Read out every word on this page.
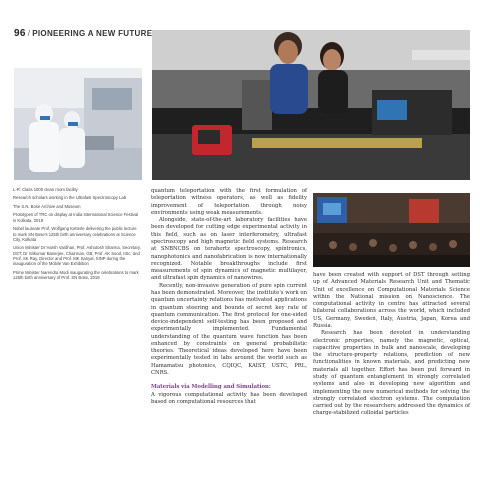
96 / PIONEERING A NEW FUTURE

L-R: Class 1000 clean room facility

Research scholars working in the Ultrafast Spectroscopy Lab

The S.N. Bose Archive and Museum

Prototypes of TRC on display at India International Science Festival in Kolkata, 2019

Nobel laureate Prof. Wolfgang Ketterle delivering the public lecture to mark SN Bose's 125th birth anniversary celebrations at Science City, Kolkata

Union Minister Dr Harsh Vardhan, Prof. Ashutosh Sharma, Secretary, DST; Dr Srikumar Banerjee, Chairman, GB; Prof. AK Sood, IISc; and Prof. SK Ray, Director and Prof. MK Sanyal, SINP during the inauguration of the Mobile Van Exhibition

Prime Minister Narendra Modi inaugurating the celebrations to mark 125th birth anniversary of Prof. SN Bose, 2018

quantum teleportation with the first formulation of teleportation witness operators, as well as fidelity improvement of teleportation through noisy environments using weak measurements.

Alongside, state-of-the-art laboratory facilities have been developed for cutting edge experimental activity in this field, such as on laser interferometry, ultrafast spectroscopy and high magnetic field systems. Research at SNBNCBS on terahertz spectroscopy, spintronics, nanophotonics and nanofabrication is now internationally recognized. Notable breakthroughs include first measurements of spin dynamics of magnetic multilayer, and ultrafast spin dynamics of nanowires.

Recently, non-invasive generation of pure spin current has been demonstrated. Moreover, the institute's work on quantum uncertainty relations has motivated applications in quantum steering and bounds of secret key rate of quantum communication. The first protocol for one-sided device-independent self-testing has been proposed and experimentally implemented. Fundamental understanding of the quantum wave function has been enhanced by constraints on general probabilistic theories. Theoretical ideas developed here have been experimentally tested in labs around the world such as Hamamatsu photonics, CQIQC, KAIST, USTC, PRL, CNRS.

Materials via Modelling and Simulation:

A vigorous computational activity has been developed based on computational resources that

have been created with support of DST through setting up of Advanced Materials Research Unit and Thematic Unit of excellence on Computational Materials Science within the National mission on Nanoscience. The computational activity in centre has attracted several bilateral collaborations across the world, which included US, Germany, Sweden, Italy, Austria, Japan, Korea and Russia.

Research has been devoted in understanding electronic properties, namely the magnetic, optical, capacitive properties in bulk and nanoscale, developing the structure-property relations, prediction of new functionalities in known materials, and predicting new materials all together. Effort has been put forward in study of quantum entanglement in strongly correlated systems and also in developing new algorithm and implementing the new numerical methods for solving the strongly correlated electron systems. The computation carried out by the researchers addressed the dynamics of charge-stabilized colloidal particles
